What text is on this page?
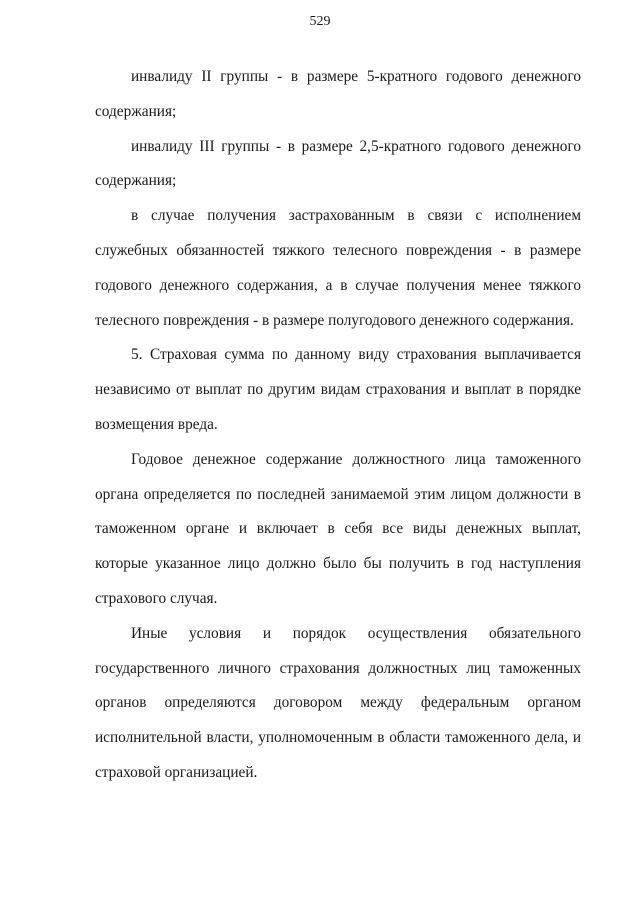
529

инвалиду II группы - в размере 5-кратного годового денежного содержания;

инвалиду III группы - в размере 2,5-кратного годового денежного содержания;

в случае получения застрахованным в связи с исполнением служебных обязанностей тяжкого телесного повреждения - в размере годового денежного содержания, а в случае получения менее тяжкого телесного повреждения - в размере полугодового денежного содержания.

5. Страховая сумма по данному виду страхования выплачивается независимо от выплат по другим видам страхования и выплат в порядке возмещения вреда.

Годовое денежное содержание должностного лица таможенного органа определяется по последней занимаемой этим лицом должности в таможенном органе и включает в себя все виды денежных выплат, которые указанное лицо должно было бы получить в год наступления страхового случая.

Иные условия и порядок осуществления обязательного государственного личного страхования должностных лиц таможенных органов определяются договором между федеральным органом исполнительной власти, уполномоченным в области таможенного дела, и страховой организацией.
